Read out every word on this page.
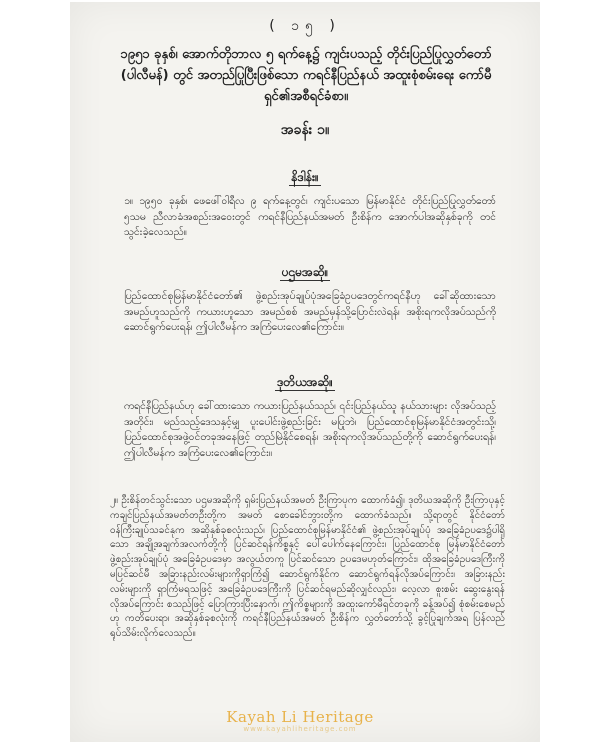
( ၁၅ )
၁၉၅၁ ခုနှစ်၊ အောက်တိုဘာလ ၅ ရက်နေ့၌ ကျင်းပသည့် တိုင်းပြည်ပြုလွှတ်တော် (ပါလီမန်) တွင် အတည်ပြုပြီးဖြစ်သော ကရင်နီပြည်နယ် အထူးစုံစမ်းရေး ကော်မီရှင်၏အစီရင်ခံစာ။
အခန်း ၁။
နိဒါန်း။

၁။ ၁၉၅၀ ခုနှစ်၊ ဖေဖေါ်ဝါရီလ ၉ ရက်နေ့တွင်၊ ကျင်းပသော မြန်မာနိုင်ငံ တိုင်းပြည်ပြုလွှတ်တော် ၅သမ ညီလာခံအစည်းအဝေးတွင် ကရင်နီပြည်နယ်အမတ် ဦးစိန်က အောက်ပါအဆိုနှစ်ခုကို တင်သွင်းခဲ့လေသည်။

ပဌမအဆို။

ပြည်ထောင်စုမြန်မာနိုင်ငံတော်၏ ဖွဲ့စည်းအုပ်ချုပ်ပုံအခြေခံဥပဒေတွင်ကရင်နီဟု ခေါ်ဆိုထားသော အမည်ဟူသည်ကို ကယားဟူသော အမည်စစ် အမည်မှန်သို့ပြောင်းလဲရန်၊ အစိုးရကလိုအပ်သည်ကို ဆောင်ရွက်ပေးရန်၊ ဤပါလီမန်က အကြံပေးလေ၏ကြောင်း။

ဒုတိယအဆို။

ကရင်နီပြည်နယ်ဟု ခေါ်ထားသော ကယားပြည်နယ်သည်၊ ၎င်းပြည်နယ်သူ နယ်သားများ လိုအပ်သည့်အတိုင်း၊ မည်သည့်ဒေသနှင့်မျှ ပူးပေါင်းဖွဲ့စည်းခြင်း မပြုဘဲ၊ ပြည်ထောင်စုမြန်မာနိုင်ငံအတွင်းသို့၊ ပြည်ထောင်စုအဖွဲ့ဝင်တခုအနေဖြင့် တည်မြဲနိုင်စေရန်၊ အစိုးရကလိုအပ်သည်တို့ကို ဆောင်ရွက်ပေးရန်၊ ဤပါလီမန်က အကြံပေးလေ၏ကြောင်း။

၂။ ဦးစိန်တင်သွင်းသော ပဌမအဆိုကို ရှမ်းပြည်နယ်အမတ် ဦးကြာပုက ထောက်ခံ၍၊ ဒုတိယအဆိုကို ဦးကြာပုနှင့် ကချင်ပြည်နယ်အမတ်တဦးတို့က အမတ် စောခေါင်ဘွားတို့က ထောက်ခံသည်။ သို့ရာတွင် နိုင်ငံတော် ဝန်ကြီးချုပ်သခင်နုက အဆိုနှစ်ခုစလုံးသည်၊ ပြည်ထောင်စုမြန်မာနိုင်ငံ၏ ဖွဲ့စည်းအုပ်ချုပ်ပုံ အခြေခံဥပဒေ၌ပါရှိသော အချို့အချက်အလက်တို့ကို ပြင်ဆင်ရန်ကိစ္စနှင့် ပေါ်ပေါက်နေကြောင်း၊ ပြည်ထောင်စု မြန်မာနိုင်ငံတော် ဖွဲ့စည်းအုပ်ချုပ်ပုံ အခြေခံဥပဒေမှာ အလွယ်တကူ ပြင်ဆင်သော ဥပဒေမဟုတ်ကြောင်း၊ ထိုအခြေခံဥပဒေကြီးကို မပြင်ဆင်မီ အခြားနည်းလမ်းများကိုရှာကြံ၍ ဆောင်ရွက်နိုင်က ဆောင်ရွက်ရန်လိုအပ်ကြောင်း၊ အခြားနည်းလမ်းများကို ရှာကြံမရသဖြင့် အခြေခံဥပဒေကြီးကို ပြင်ဆင်ရမည်ဆိုလျှင်လည်း၊ လေ့လာ စူးစမ်း ဆွေးနွေးရန် လိုအပ်ကြောင်း စသည်ဖြင့် ပြောကြားပြီးနောက်၊ ဤကိစ္စများကို အထူးကော်မီရှင်တခုကို ခန့်အပ်၍ စုံစမ်းစေမည်ဟု ကတိပေးရာ၊ အဆိုနှစ်ခုစလုံးကို ကရင်နီပြည်နယ်အမတ် ဦးစိန်က လွှတ်တော်သို့ ခွင့်ပြုချက်အရ ပြန်လည်ရုပ်သိမ်းလိုက်လေသည်။

Kayah Li Heritage
www.kayahliheritage.com
